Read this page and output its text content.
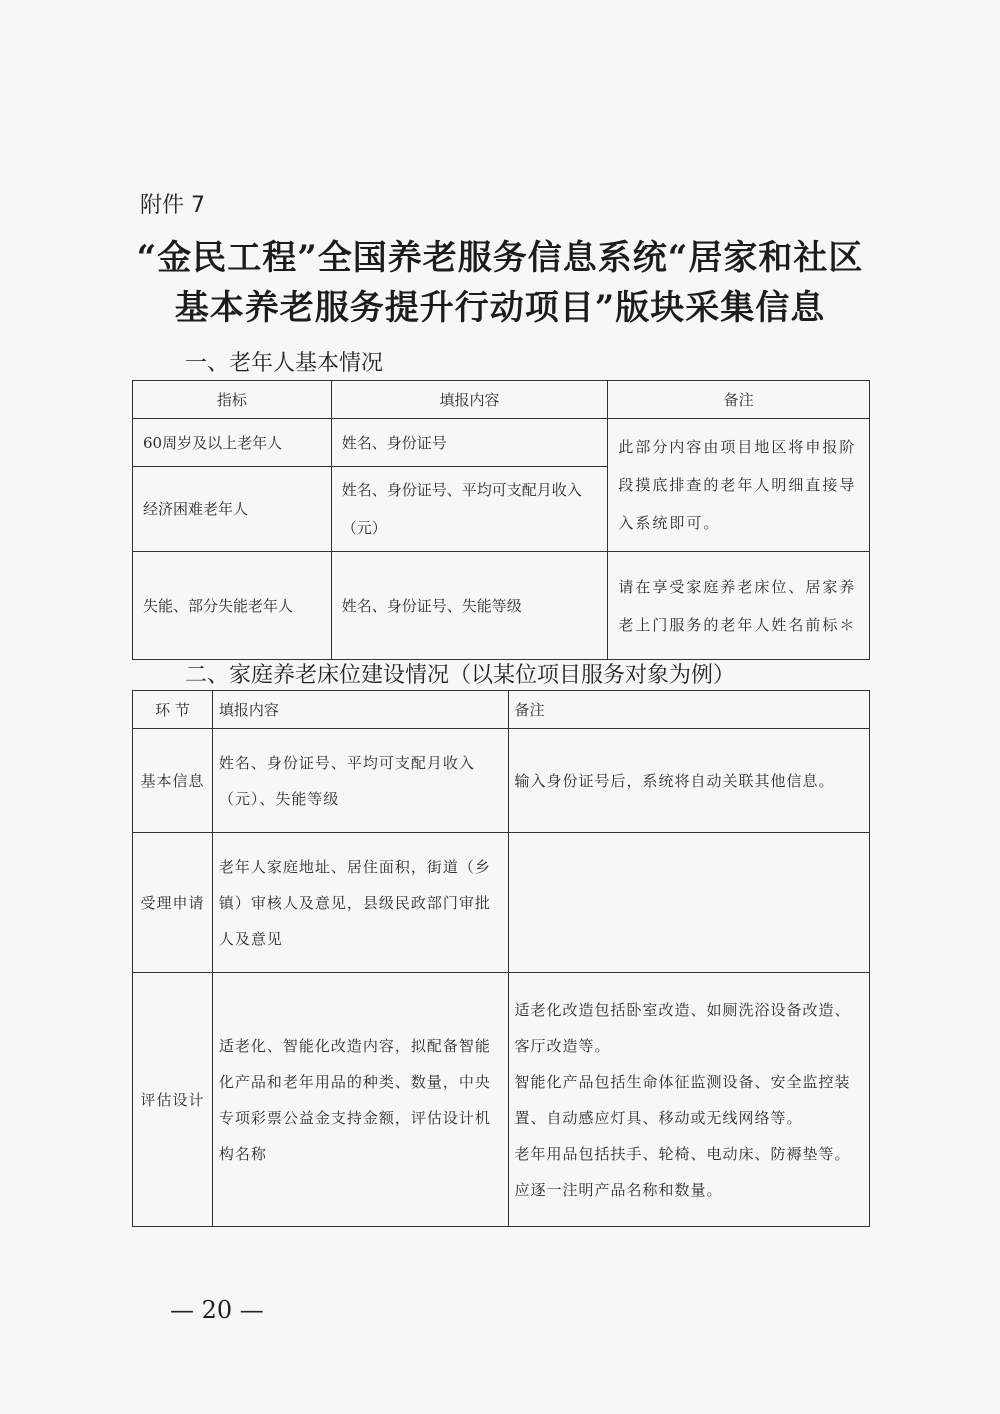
附件 7
“金民工程”全国养老服务信息系统“居家和社区
基本养老服务提升行动项目”版块采集信息
一、老年人基本情况
指标	填报内容	备注
60周岁及以上老年人	姓名、身份证号	此部分内容由项目地区将申报阶段摸底排查的老年人明细直接导入系统即可。
经济困难老年人	姓名、身份证号、平均可支配月收入（元）	
失能、部分失能老年人	姓名、身份证号、失能等级	请在享受家庭养老床位、居家养老上门服务的老年人姓名前标＊
二、家庭养老床位建设情况（以某位项目服务对象为例）
环 节	填报内容	备注
基本信息	姓名、身份证号、平均可支配月收入（元）、失能等级	输入身份证号后，系统将自动关联其他信息。
受理申请	老年人家庭地址、居住面积，街道（乡镇）审核人及意见，县级民政部门审批人及意见	
评估设计	适老化、智能化改造内容，拟配备智能化产品和老年用品的种类、数量，中央专项彩票公益金支持金额，评估设计机构名称	适老化改造包括卧室改造、如厕洗浴设备改造、客厅改造等。
智能化产品包括生命体征监测设备、安全监控装置、自动感应灯具、移动或无线网络等。
老年用品包括扶手、轮椅、电动床、防褥垫等。应逐一注明产品名称和数量。
— 20 —
